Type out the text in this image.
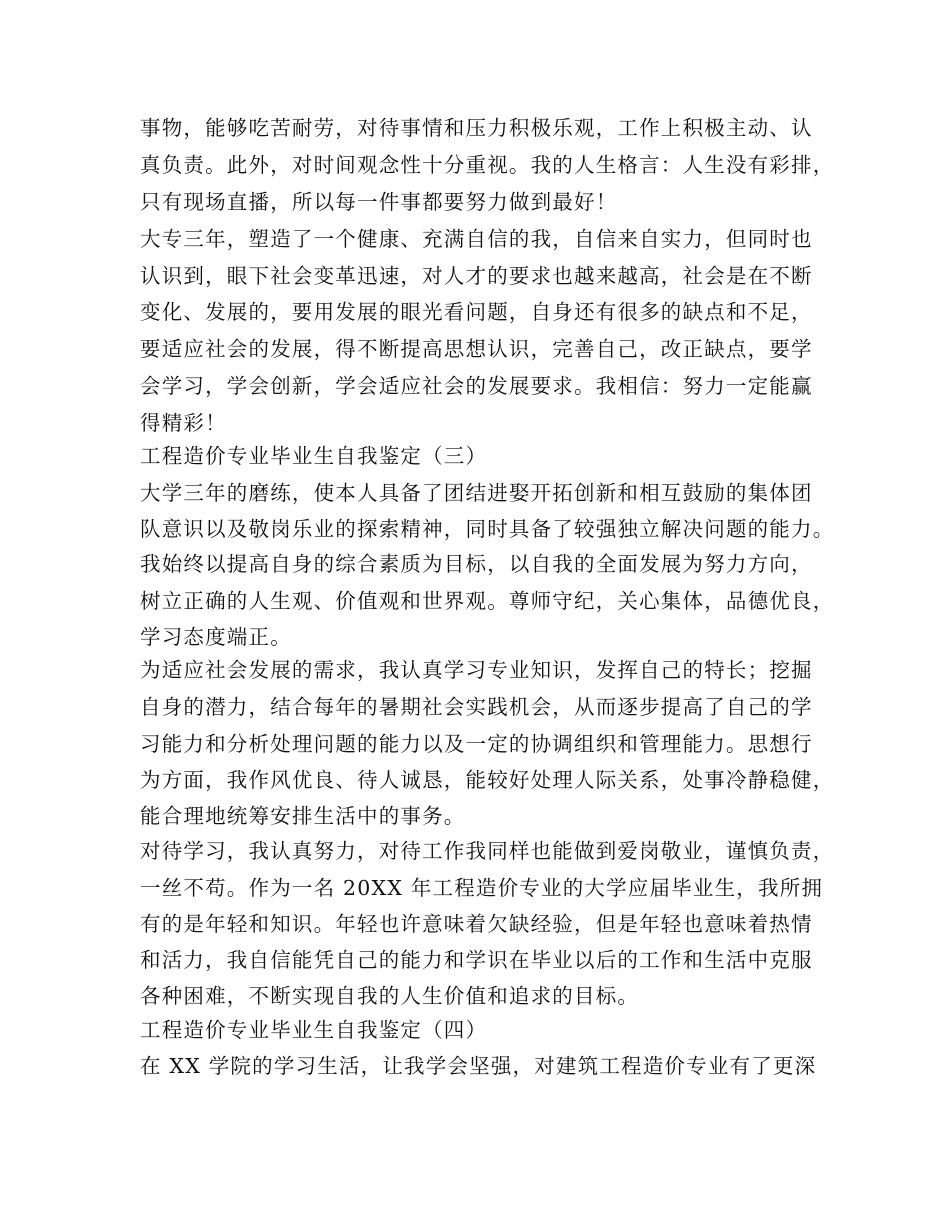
事物，能够吃苦耐劳，对待事情和压力积极乐观，工作上积极主动、认
真负责。此外，对时间观念性十分重视。我的人生格言：人生没有彩排，
只有现场直播，所以每一件事都要努力做到最好！
大专三年，塑造了一个健康、充满自信的我，自信来自实力，但同时也
认识到，眼下社会变革迅速，对人才的要求也越来越高，社会是在不断
变化、发展的，要用发展的眼光看问题，自身还有很多的缺点和不足，
要适应社会的发展，得不断提高思想认识，完善自己，改正缺点，要学
会学习，学会创新，学会适应社会的发展要求。我相信：努力一定能赢
得精彩！
工程造价专业毕业生自我鉴定（三）
大学三年的磨练，使本人具备了团结进娶开拓创新和相互鼓励的集体团
队意识以及敬岗乐业的探索精神，同时具备了较强独立解决问题的能力。
我始终以提高自身的综合素质为目标，以自我的全面发展为努力方向，
树立正确的人生观、价值观和世界观。尊师守纪，关心集体，品德优良，
学习态度端正。
为适应社会发展的需求，我认真学习专业知识，发挥自己的特长；挖掘
自身的潜力，结合每年的暑期社会实践机会，从而逐步提高了自己的学
习能力和分析处理问题的能力以及一定的协调组织和管理能力。思想行
为方面，我作风优良、待人诚恳，能较好处理人际关系，处事冷静稳健，
能合理地统筹安排生活中的事务。
对待学习，我认真努力，对待工作我同样也能做到爱岗敬业，谨慎负责，
一丝不苟。作为一名 20XX 年工程造价专业的大学应届毕业生，我所拥
有的是年轻和知识。年轻也许意味着欠缺经验，但是年轻也意味着热情
和活力，我自信能凭自己的能力和学识在毕业以后的工作和生活中克服
各种困难，不断实现自我的人生价值和追求的目标。
工程造价专业毕业生自我鉴定（四）
在 XX 学院的学习生活，让我学会坚强，对建筑工程造价专业有了更深
